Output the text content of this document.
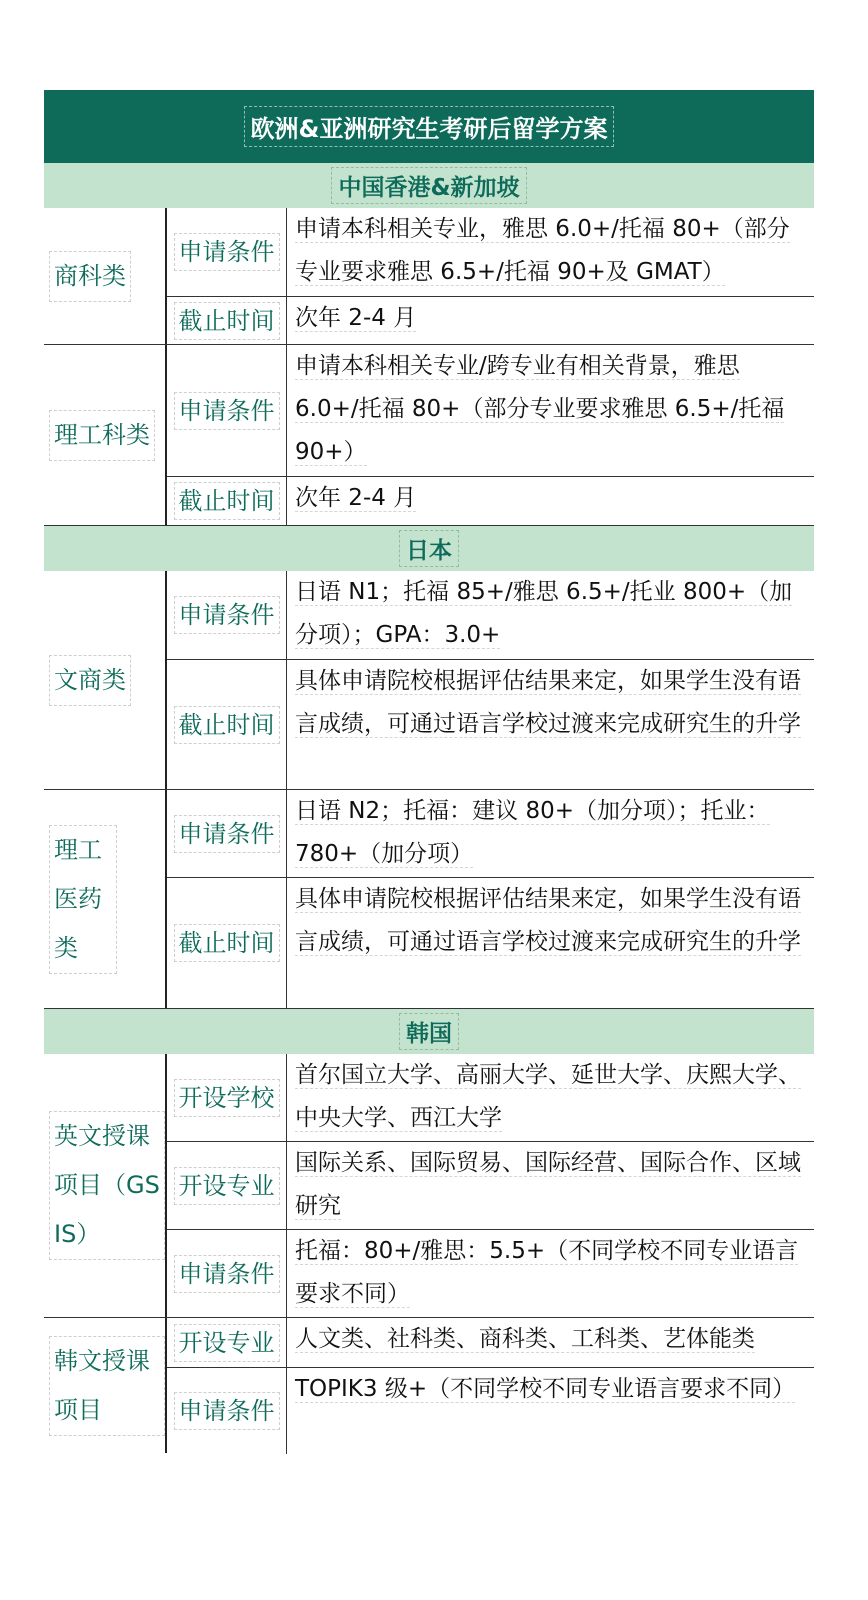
欧洲&亚洲研究生考研后留学方案
中国香港&新加坡
商科类
申请条件
申请本科相关专业，雅思 6.0+/托福 80+（部分专业要求雅思 6.5+/托福 90+及 GMAT）
截止时间 次年 2-4 月
理工科类
申请条件
申请本科相关专业/跨专业有相关背景，雅思 6.0+/托福 80+（部分专业要求雅思 6.5+/托福 90+）
截止时间 次年 2-4 月
日本
文商类
申请条件
日语 N1；托福 85+/雅思 6.5+/托业 800+（加分项）；GPA：3.0+
截止时间
具体申请院校根据评估结果来定，如果学生没有语言成绩，可通过语言学校过渡来完成研究生的升学
理工医药类
申请条件
日语 N2；托福：建议 80+（加分项）；托业：780+（加分项）
截止时间
具体申请院校根据评估结果来定，如果学生没有语言成绩，可通过语言学校过渡来完成研究生的升学
韩国
英文授课项目（GSIS）
开设学校
首尔国立大学、高丽大学、延世大学、庆熙大学、中央大学、西江大学
开设专业
国际关系、国际贸易、国际经营、国际合作、区域研究
申请条件
托福：80+/雅思：5.5+（不同学校不同专业语言要求不同）
韩文授课项目
开设专业 人文类、社科类、商科类、工科类、艺体能类
申请条件
TOPIK3 级+（不同学校不同专业语言要求不同）
